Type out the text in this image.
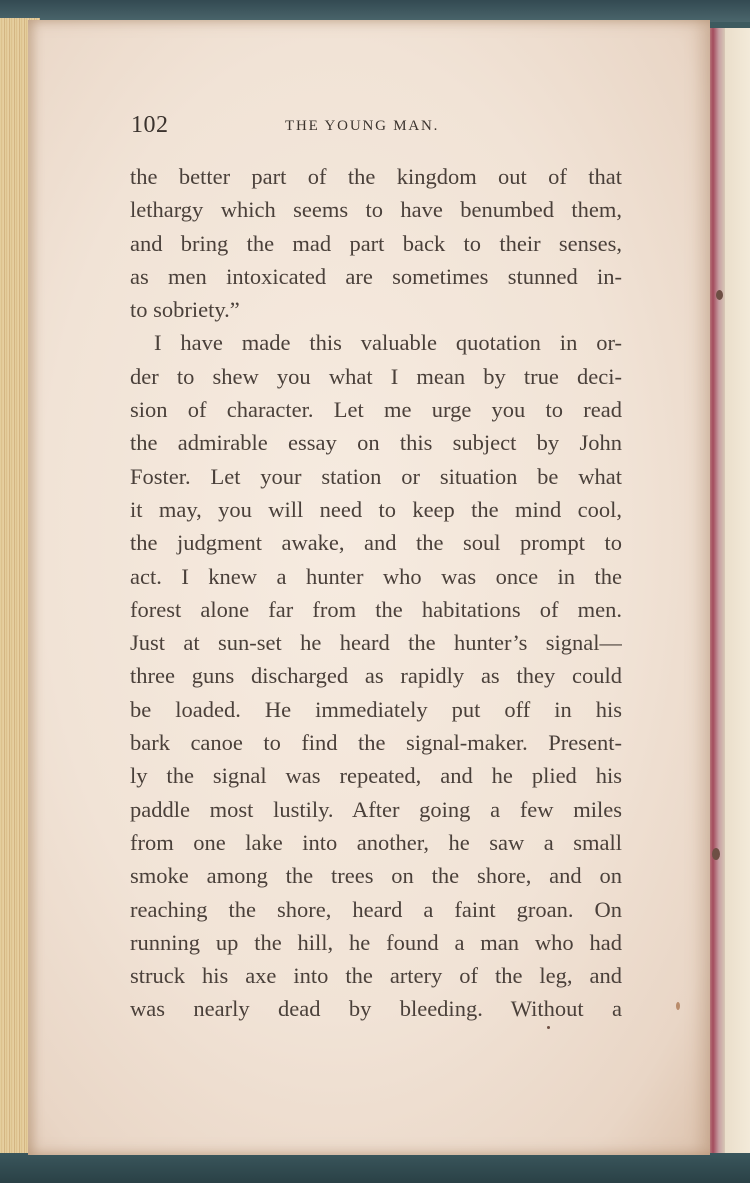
102	THE YOUNG MAN.
the better part of the kingdom out of that
lethargy which seems to have benumbed them,
and bring the mad part back to their senses,
as men intoxicated are sometimes stunned in-
to sobriety.”
I have made this valuable quotation in or-
der to shew you what I mean by true deci-
sion of character. Let me urge you to read
the admirable essay on this subject by John
Foster. Let your station or situation be what
it may, you will need to keep the mind cool,
the judgment awake, and the soul prompt to
act. I knew a hunter who was once in the
forest alone far from the habitations of men.
Just at sun-set he heard the hunter’s signal—
three guns discharged as rapidly as they could
be loaded. He immediately put off in his
bark canoe to find the signal-maker. Present-
ly the signal was repeated, and he plied his
paddle most lustily. After going a few miles
from one lake into another, he saw a small
smoke among the trees on the shore, and on
reaching the shore, heard a faint groan. On
running up the hill, he found a man who had
struck his axe into the artery of the leg, and
was nearly dead by bleeding. Without a
